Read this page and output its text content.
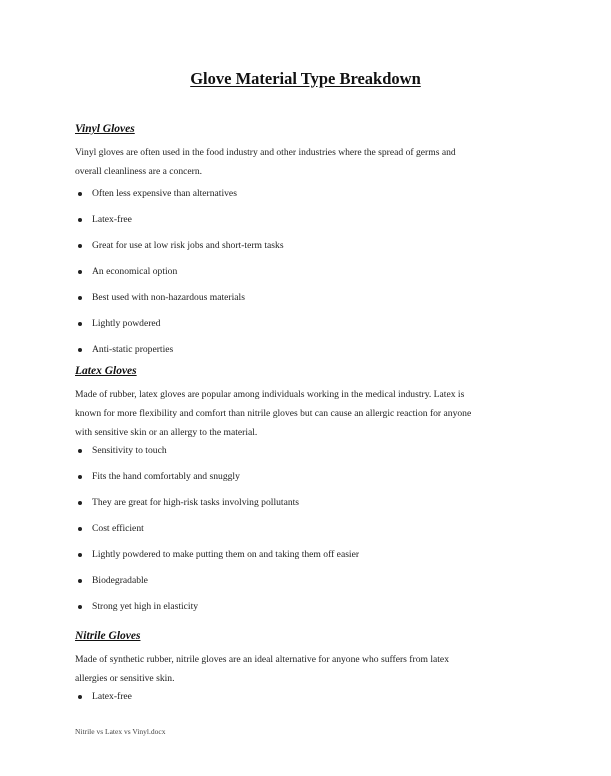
Glove Material Type Breakdown
Vinyl Gloves

Vinyl gloves are often used in the food industry and other industries where the spread of germs and
overall cleanliness are a concern.

Often less expensive than alternatives
Latex-free
Great for use at low risk jobs and short-term tasks
An economical option
Best used with non-hazardous materials
Lightly powdered
Anti-static properties
Latex Gloves

Made of rubber, latex gloves are popular among individuals working in the medical industry. Latex is
known for more flexibility and comfort than nitrile gloves but can cause an allergic reaction for anyone
with sensitive skin or an allergy to the material.

Sensitivity to touch
Fits the hand comfortably and snuggly
They are great for high-risk tasks involving pollutants
Cost efficient
Lightly powdered to make putting them on and taking them off easier
Biodegradable
Strong yet high in elasticity
Nitrile Gloves

Made of synthetic rubber, nitrile gloves are an ideal alternative for anyone who suffers from latex
allergies or sensitive skin.

Latex-free
Nitrile vs Latex vs Vinyl.docx
